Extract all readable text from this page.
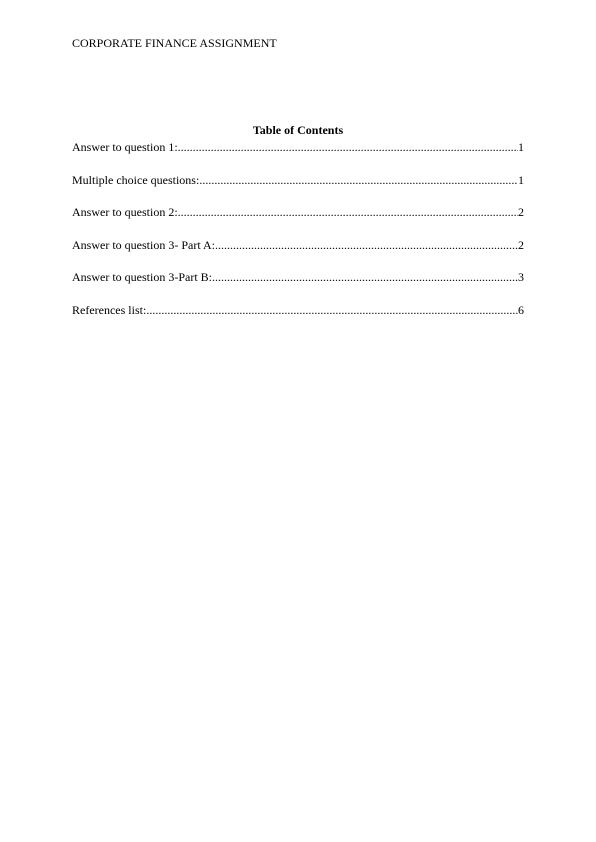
CORPORATE FINANCE ASSIGNMENT
Table of Contents
Answer to question 1: .....	1
Multiple choice questions: .....	1
Answer to question 2: .....	2
Answer to question 3- Part A: .....	2
Answer to question 3-Part B: .....	3
References list: .....	6
